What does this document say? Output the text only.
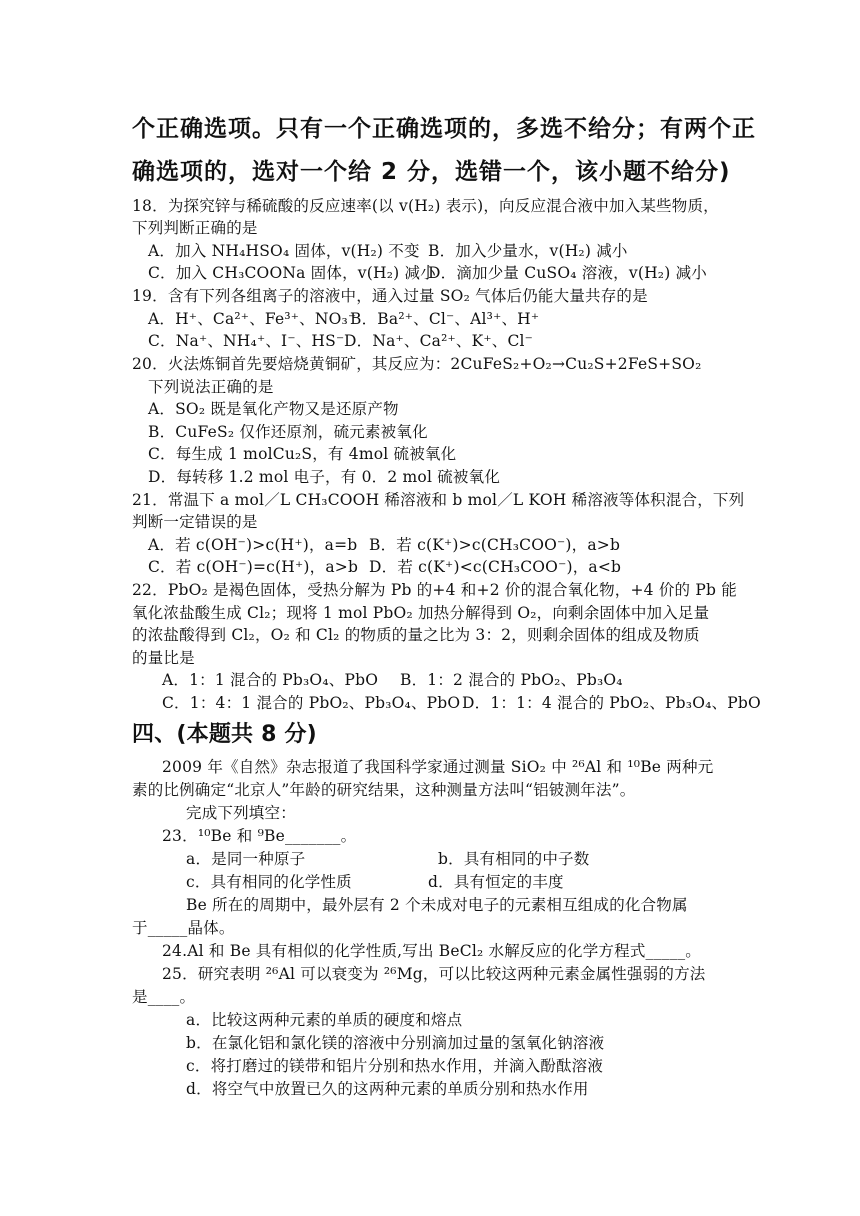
个正确选项。只有一个正确选项的，多选不给分；有两个正
确选项的，选对一个给 2 分，选错一个，该小题不给分)
18．为探究锌与稀硫酸的反应速率(以 v(H₂) 表示)，向反应混合液中加入某些物质，
下列判断正确的是
A．加入 NH₄HSO₄ 固体，v(H₂) 不变 B．加入少量水，v(H₂) 减小
C．加入 CH₃COONa 固体，v(H₂) 减小
D．滴加少量 CuSO₄ 溶液，v(H₂) 减小
19．含有下列各组离子的溶液中，通入过量 SO₂ 气体后仍能大量共存的是
A．H⁺、Ca²⁺、Fe³⁺、NO₃⁻
B．Ba²⁺、Cl⁻、Al³⁺、H⁺
C．Na⁺、NH₄⁺、I⁻、HS⁻ D．Na⁺、Ca²⁺、K⁺、Cl⁻
20．火法炼铜首先要焙烧黄铜矿，其反应为：2CuFeS₂+O₂→Cu₂S+2FeS+SO₂
下列说法正确的是
A．SO₂ 既是氧化产物又是还原产物
B．CuFeS₂ 仅作还原剂，硫元素被氧化
C．每生成 1 molCu₂S，有 4mol 硫被氧化
D．每转移 1.2 mol 电子，有 0．2 mol 硫被氧化
21．常温下 a mol／L CH₃COOH 稀溶液和 b mol／L KOH 稀溶液等体积混合，下列
判断一定错误的是
A．若 c(OH⁻)>c(H⁺)，a=b B．若 c(K⁺)>c(CH₃COO⁻)，a>b
C．若 c(OH⁻)=c(H⁺)，a>b D．若 c(K⁺)<c(CH₃COO⁻)，a<b
22．PbO₂ 是褐色固体，受热分解为 Pb 的+4 和+2 价的混合氧化物，+4 价的 Pb 能
氧化浓盐酸生成 Cl₂；现将 1 mol PbO₂ 加热分解得到 O₂，向剩余固体中加入足量
的浓盐酸得到 Cl₂，O₂ 和 Cl₂ 的物质的量之比为 3：2，则剩余固体的组成及物质
的量比是
A．1：1 混合的 Pb₃O₄、PbO B．1：2 混合的 PbO₂、Pb₃O₄
C．1：4：1 混合的 PbO₂、Pb₃O₄、PbO D．1：1：4 混合的 PbO₂、Pb₃O₄、PbO
四、(本题共 8 分)
2009 年《自然》杂志报道了我国科学家通过测量 SiO₂ 中 ²⁶Al 和 ¹⁰Be 两种元
素的比例确定“北京人”年龄的研究结果，这种测量方法叫“铝铍测年法”。
完成下列填空：
23．¹⁰Be 和 ⁹Be_______。
a．是同一种原子	b．具有相同的中子数
c．具有相同的化学性质	d．具有恒定的丰度
Be 所在的周期中，最外层有 2 个未成对电子的元素相互组成的化合物属
于_____晶体。
24.Al 和 Be 具有相似的化学性质,写出 BeCl₂ 水解反应的化学方程式_____。
25．研究表明 ²⁶Al 可以衰变为 ²⁶Mg，可以比较这两种元素金属性强弱的方法
是____。
a．比较这两种元素的单质的硬度和熔点
b．在氯化铝和氯化镁的溶液中分别滴加过量的氢氧化钠溶液
c．将打磨过的镁带和铝片分别和热水作用，并滴入酚酞溶液
d．将空气中放置已久的这两种元素的单质分别和热水作用
